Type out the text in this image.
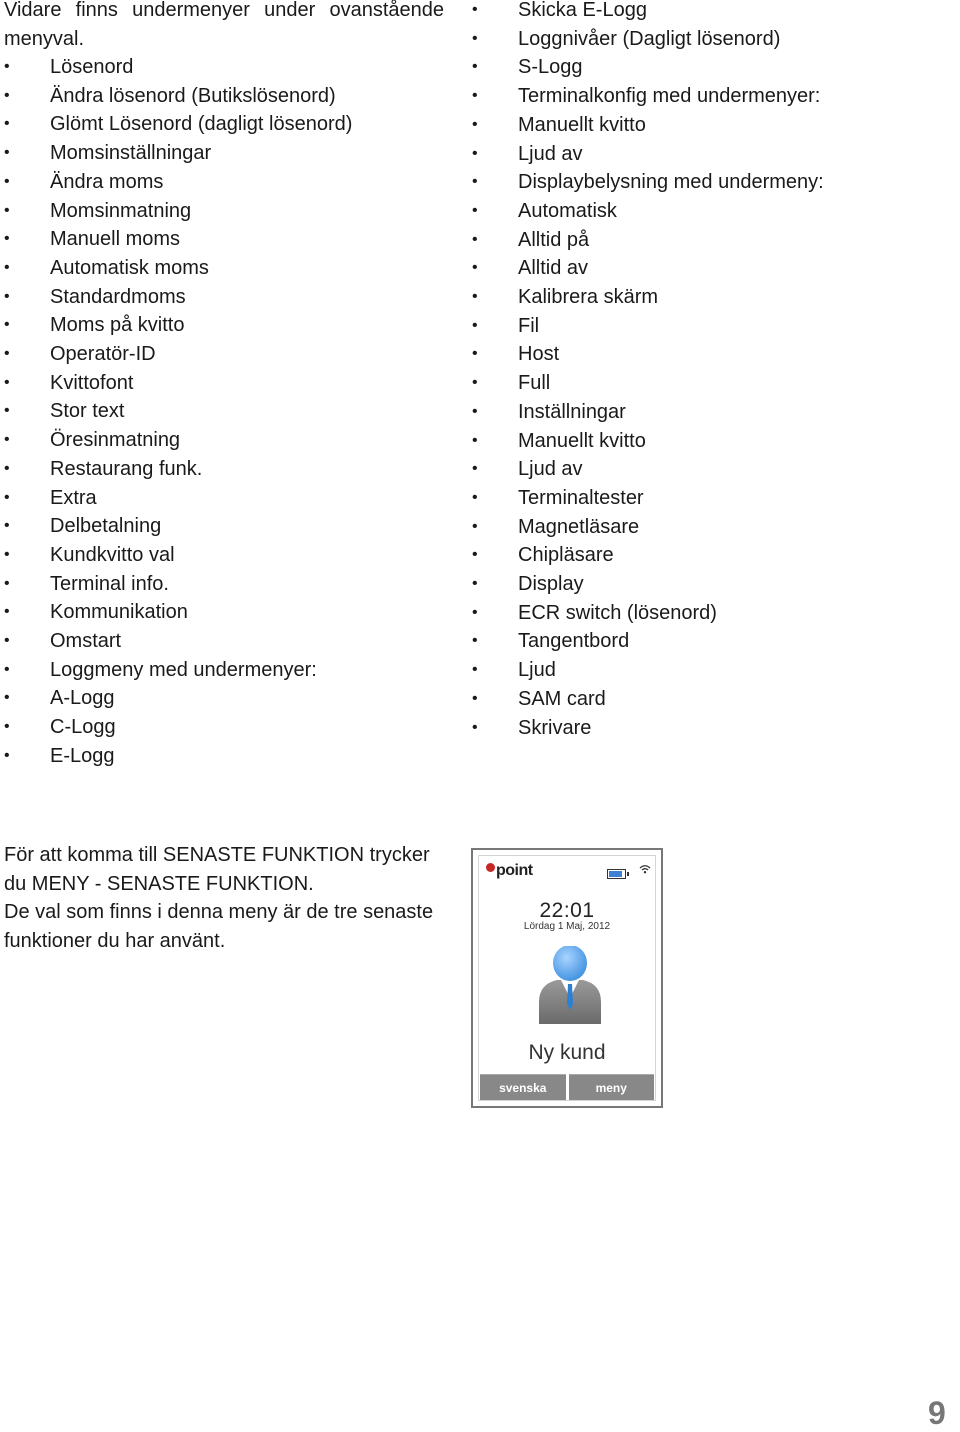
Vidare finns undermenyer under ovanstående menyval.
• Lösenord
• Ändra lösenord (Butikslösenord)
• Glömt Lösenord (dagligt lösenord)
• Momsinställningar
• Ändra moms
• Momsinmatning
• Manuell moms
• Automatisk moms
• Standardmoms
• Moms på kvitto
• Operatör-ID
• Kvittofont
• Stor text
• Öresinmatning
• Restaurang funk.
• Extra
• Delbetalning
• Kundkvitto val
• Terminal info.
• Kommunikation
• Omstart
• Loggmeny med undermenyer:
• A-Logg
• C-Logg
• E-Logg
• Skicka E-Logg
• Loggnivåer (Dagligt lösenord)
• S-Logg
• Terminalkonfig med undermenyer:
• Manuellt kvitto
• Ljud av
• Displaybelysning med undermeny:
• Automatisk
• Alltid på
• Alltid av
• Kalibrera skärm
• Fil
• Host
• Full
• Inställningar
• Manuellt kvitto
• Ljud av
• Terminaltester
• Magnetläsare
• Chipläsare
• Display
• ECR switch (lösenord)
• Tangentbord
• Ljud
• SAM card
• Skrivare

För att komma till SENASTE FUNKTION trycker du MENY - SENASTE FUNKTION.

De val som finns i denna meny är de tre senaste funktioner du har använt.

point
22:01
Lördag 1 Maj, 2012
Ny kund
svenska	meny
9
